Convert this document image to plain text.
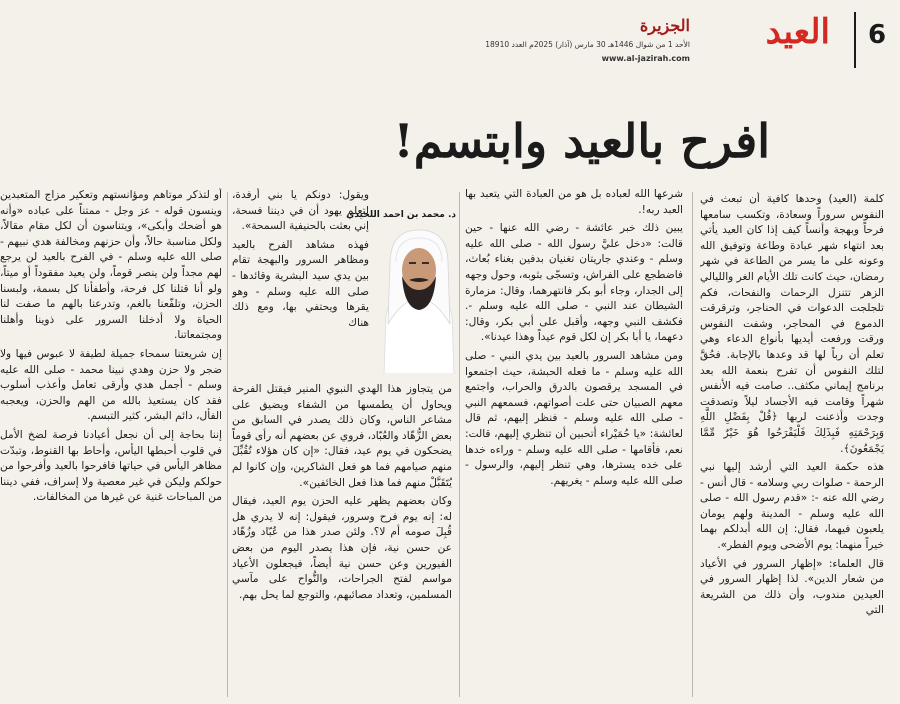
6
العيد
الجزيرة
الأحد 1 من شوال 1446هـ 30 مارس (آذار) 2025م العدد 18910
www.al-jazirah.com
افرح بالعيد وابتسم!

كلمة (العيد) وحدها كافية أن تبعث في النفوس سروراً وسعادة، وتكسب سامعها فرحاً وبهجة وأنساً كيف إذا كان العيد يأتي بعد انتهاء شهر عبادة وطاعة وتوفيق الله وعونه على ما يسر من الطاعة في شهر رمضان، حيث كانت تلك الأيام الغر والليالي الزهر تتنزل الرحمات والنفحات، فكم تلجلجت الدعوات في الحناجر، وترقرقت الدموع في المحاجر، وشفت النفوس ورقت ورفعت أيديها بأنواع الدعاء وهي تعلم أن رباً لها قد وعدها بالإجابة. فحُقَّ لتلك النفوس أن تفرح بنعمة الله بعد برنامج إيماني مكثف.. صامت فيه الأنفس شهراً وقامت فيه الأجساد ليلاً وتصدقت وجدت وأذعنت لربها ﴿قُلْ بِفَضْلِ اللَّهِ وَبِرَحْمَتِهِ فَبِذَلِكَ فَلْيَفْرَحُوا هُوَ خَيْرٌ مِّمَّا يَجْمَعُونَ﴾.

هذه حكمة العيد التي أرشد إليها نبي الرحمة - صلوات ربي وسلامه - قال أنس - رضي الله عنه -: «قدم رسول الله - صلى الله عليه وسلم - المدينة ولهم يومان يلعبون فيهما، فقال: إن الله أبدلكم بهما خيراً منهما: يوم الأضحى ويوم الفطر».

قال العلماء: «إظهار السرور في الأعياد من شعار الدين». لذا إظهار السرور في العيدين مندوب، وأن ذلك من الشريعة التي

شرعها الله لعباده بل هو من العبادة التي يتعبد بها العبد ربه!.

يبين ذلك خبر عائشة - رضي الله عنها - حين قالت: «دخل عليَّ رسول الله - صلى الله عليه وسلم - وعندي جاريتان تغنيان بدفين بغناء بُعاث، فاضطجع على الفراش، وتسجّى بثوبه، وحول وجهه إلى الجدار، وجاء أبو بكر فانتهرهما، وقال: مزمارة الشيطان عند النبي - صلى الله عليه وسلم -. فكشف النبي وجهه، وأقبل على أبي بكر، وقال: دعهما، يا أبا بكر إن لكل قوم عيداً وهذا عيدنا».

ومن مشاهد السرور بالعيد بين يدي النبي - صلى الله عليه وسلم - ما فعله الحبشة، حيث اجتمعوا في المسجد يرقصون بالدرق والحراب، واجتمع معهم الصبيان حتى علت أصواتهم، فسمعهم النبي - صلى الله عليه وسلم - فنظر إليهم، ثم قال لعائشة: «يا حُمَيْراء أتحبين أن تنظري إليهم، قالت: نعم، فأقامها - صلى الله عليه وسلم - وراءه خدها على خده يسترها، وهي تنظر إليهم، والرسول - صلى الله عليه وسلم - يغريهم.

د. محمد بن احمد اللحيدي

ويقول: دونكم يا بني أرفدة، لتعلم يهود أن في ديننا فسحة، إني بعثت بالحنيفية السمحة».

فهذه مشاهد الفرح بالعيد ومظاهر السرور والبهجة تقام بين يدي سيد البشرية وقائدها - صلى الله عليه وسلم - وهو يقرها ويحتفي بها، ومع ذلك هناك

من يتجاوز هذا الهدي النبوي المنير فيقتل الفرحة ويحاول أن يطمسها من الشفاء ويضيق على مشاعر الناس، وكان ذلك يصدر في السابق من بعض الزُّهّاد والعُبّاد، فروي عن بعضهم أنه رأى قوماً يضحكون في يوم عيد، فقال: «إن كان هؤلاء تُقُبِّلَ منهم صيامهم فما هو فعل الشاكرين، وإن كانوا لم يُتَقَبَّلْ منهم فما هذا فعل الخائفين».

وكان بعضهم يظهر عليه الحزن يوم العيد، فيقال له: إنه يوم فرح وسرور، فيقول: إنه لا يدري هل قُبِلَ صومه أم لا؟. ولئن صدر هذا من عُبّاد وزُهّاد عن حسن نية، فإن هذا يصدر اليوم من بعض الفيورين وعن حسن نية أيضاً، فيجعلون الأعياد مواسم لفتح الجراحات، والنُّواح على مآسي المسلمين، وتعداد مصائبهم، والتوجع لما يحل بهم.

أو لتذكر موتاهم ومؤانستهم وتعكير مزاج المتعبدين وينسون قوله - عز وجل - ممتناً على عباده «وأنه هو أضحك وأبكى»، ويتناسون أن لكل مقام مقالاً، ولكل مناسبة حالاً، وأن حزنهم ومخالفة هدي نبيهم - صلى الله عليه وسلم - في الفرح بالعيد لن يرجع لهم مجداً ولن ينصر قوماً، ولن يعيد مفقوداً أو ميتاً، ولو أنا قتلنا كل فرحة، وأطفأنا كل بسمة، ولبسنا الحزن، وتلفّعنا بالغم، وتدرعنا بالهم ما صفت لنا الحياة ولا أدخلنا السرور على ذوينا وأهلنا ومجتمعاتنا.

إن شريعتنا سمحاء جميلة لطيفة لا عبوس فيها ولا ضجر ولا حزن وهدي نبينا محمد - صلى الله عليه وسلم - أجمل هدي وأرقى تعامل وأعذب أسلوب فقد كان يستعيذ بالله من الهم والحزن، ويعجبه الفأل، دائم البشر، كثير التبسم.

إننا بحاجة إلى أن نجعل أعيادنا فرصة لضخ الأمل في قلوب أحبطها اليأس، وأحاط بها القنوط، وتبدّت مظاهر اليأس في حياتها فافرحوا بالعيد وأفرحوا من حولكم وليكن في غير معصية ولا إسراف، ففي ديننا من المباحات غنية عن غيرها من المخالفات.
